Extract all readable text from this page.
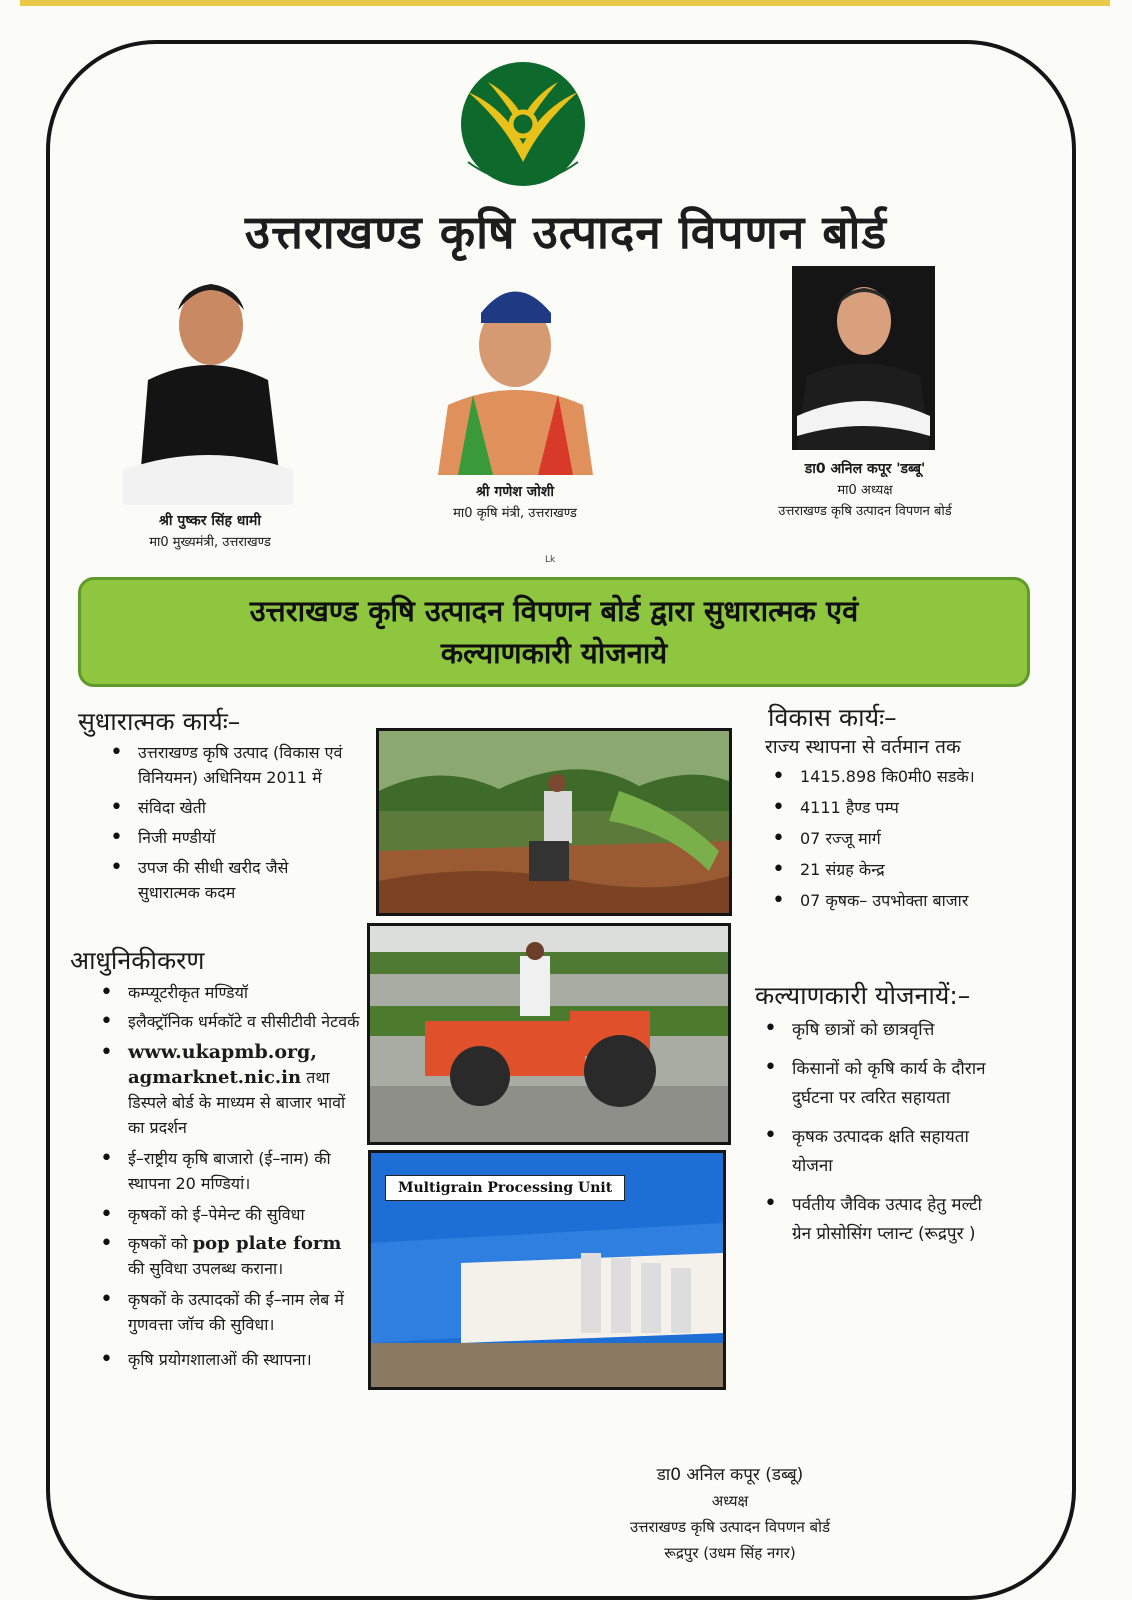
उत्तराखण्ड कृषि उत्पादन विपणन बोर्ड
श्री पुष्कर सिंह धामी
मा0 मुख्यमंत्री, उत्तराखण्ड
श्री गणेश जोशी
मा0 कृषि मंत्री, उत्तराखण्ड
डा0 अनिल कपूर 'डब्बू'
मा0 अध्यक्ष
उत्तराखण्ड कृषि उत्पादन विपणन बोर्ड
Lk
उत्तराखण्ड कृषि उत्पादन विपणन बोर्ड द्वारा सुधारात्मक एवं
कल्याणकारी योजनाये
सुधारात्मक कार्यः–
• उत्तराखण्ड कृषि उत्पाद (विकास एवं विनियमन) अधिनियम 2011 में
• संविदा खेती
• निजी मण्डीयॉ
• उपज की सीधी खरीद जैसे सुधारात्मक कदम
आधुनिकीकरण
• कम्प्यूटरीकृत मण्डियॉ
• इलैक्ट्रॉनिक धर्मकॉटे व सीसीटीवी नेटवर्क
• www.ukapmb.org,
agmarknet.nic.in तथा डिस्पले बोर्ड के माध्यम से बाजार भावों का प्रदर्शन
• ई–राष्ट्रीय कृषि बाजारो (ई–नाम) की स्थापना 20 मण्डियां।
• कृषकों को ई–पेमेन्ट की सुविधा
• कृषकों को pop plate form की सुविधा उपलब्ध कराना।
• कृषकों के उत्पादकों की ई–नाम लेब में गुणवत्ता जॉच की सुविधा।
• कृषि प्रयोगशालाओं की स्थापना।
Multigrain Processing Unit
विकास कार्यः–
राज्य स्थापना से वर्तमान तक
• 1415.898 कि0मी0 सडके।
• 4111 हैण्ड पम्प
• 07 रज्जू मार्ग
• 21 संग्रह केन्द्र
• 07 कृषक– उपभोक्ता बाजार
कल्याणकारी योजनायें:–
• कृषि छात्रों को छात्रवृत्ति
• किसानों को कृषि कार्य के दौरान दुर्घटना पर त्वरित सहायता
• कृषक उत्पादक क्षति सहायता योजना
• पर्वतीय जैविक उत्पाद हेतु मल्टी ग्रेन प्रोसोसिंग प्लान्ट (रूद्रपुर )
डा0 अनिल कपूर (डब्बू)
अध्यक्ष
उत्तराखण्ड कृषि उत्पादन विपणन बोर्ड
रूद्रपुर (उधम सिंह नगर)
